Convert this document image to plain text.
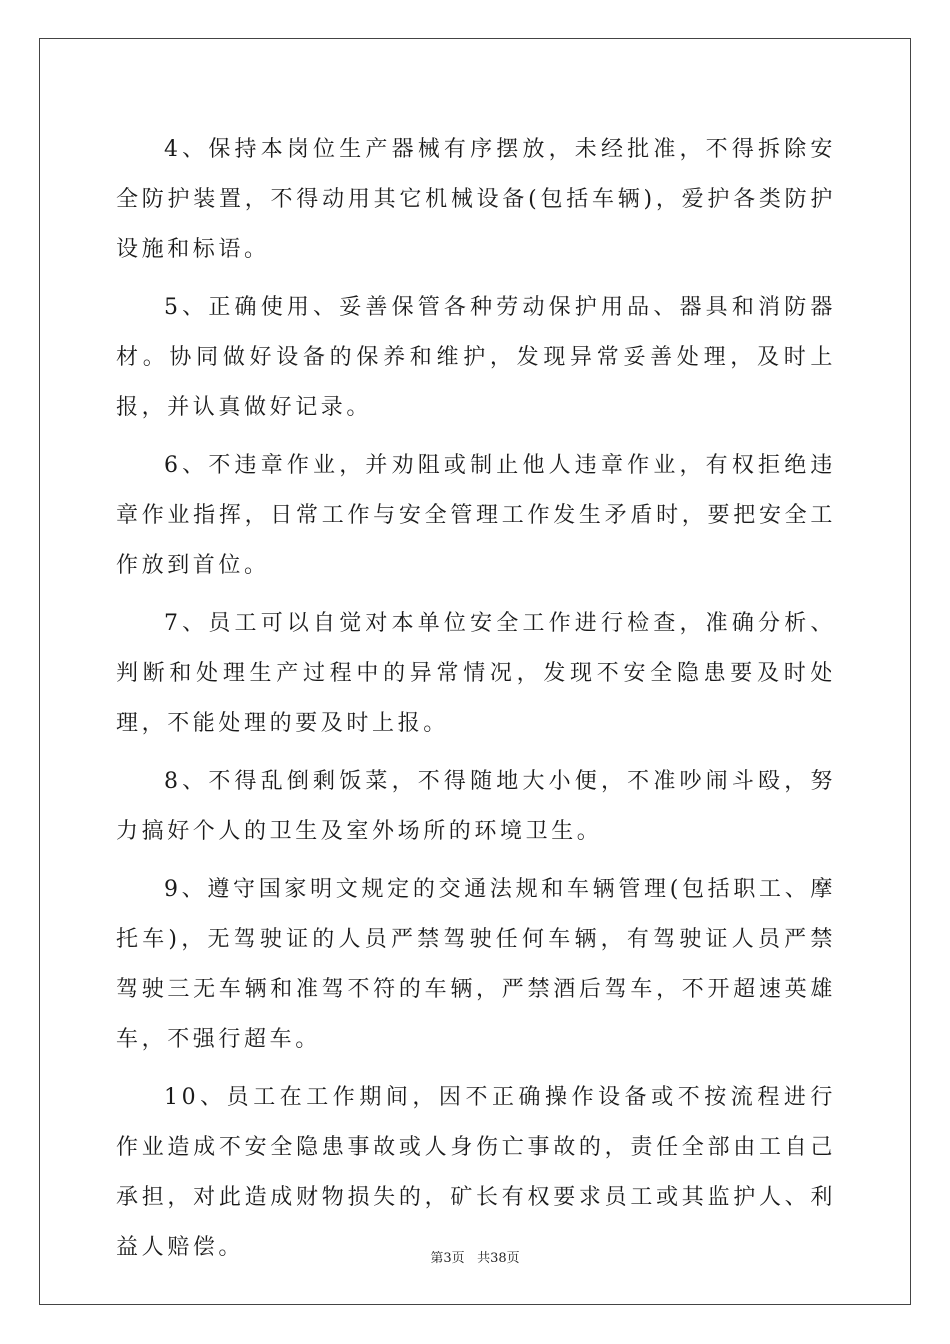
4、保持本岗位生产器械有序摆放，未经批准，不得拆除安全防护装置，不得动用其它机械设备(包括车辆)，爱护各类防护设施和标语。

5、正确使用、妥善保管各种劳动保护用品、器具和消防器材。协同做好设备的保养和维护，发现异常妥善处理，及时上报，并认真做好记录。

6、不违章作业，并劝阻或制止他人违章作业，有权拒绝违章作业指挥，日常工作与安全管理工作发生矛盾时，要把安全工作放到首位。

7、员工可以自觉对本单位安全工作进行检查，准确分析、判断和处理生产过程中的异常情况，发现不安全隐患要及时处理，不能处理的要及时上报。

8、不得乱倒剩饭菜，不得随地大小便，不准吵闹斗殴，努力搞好个人的卫生及室外场所的环境卫生。

9、遵守国家明文规定的交通法规和车辆管理(包括职工、摩托车)，无驾驶证的人员严禁驾驶任何车辆，有驾驶证人员严禁驾驶三无车辆和准驾不符的车辆，严禁酒后驾车，不开超速英雄车，不强行超车。

10、员工在工作期间，因不正确操作设备或不按流程进行作业造成不安全隐患事故或人身伤亡事故的，责任全部由工自己承担，对此造成财物损失的，矿长有权要求员工或其监护人、利益人赔偿。	第3页 共38页
